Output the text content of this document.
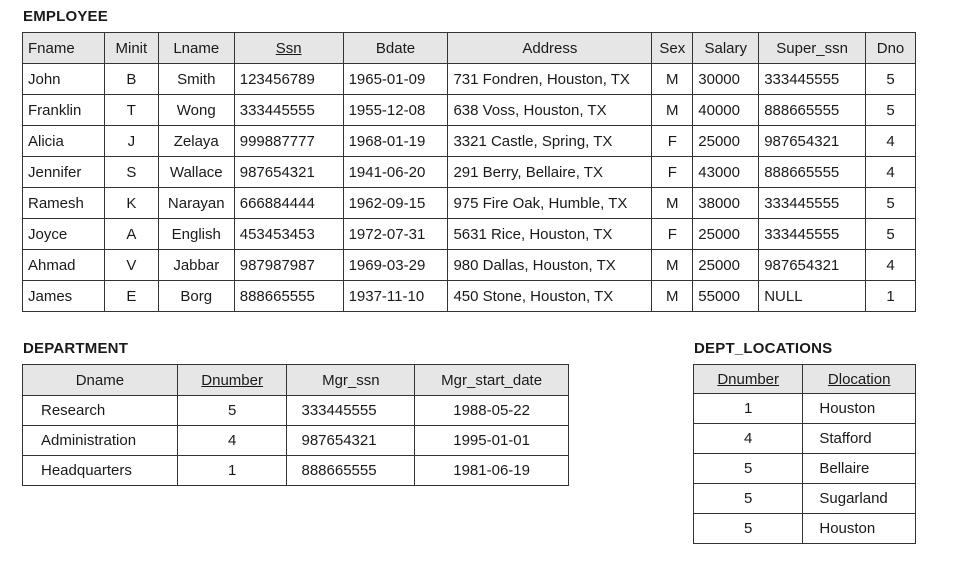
EMPLOYEE
Fname	Minit	Lname	Ssn	Bdate	Address	Sex	Salary	Super_ssn	Dno
John	B	Smith	123456789	1965-01-09	731 Fondren, Houston, TX	M	30000	333445555	5
Franklin	T	Wong	333445555	1955-12-08	638 Voss, Houston, TX	M	40000	888665555	5
Alicia	J	Zelaya	999887777	1968-01-19	3321 Castle, Spring, TX	F	25000	987654321	4
Jennifer	S	Wallace	987654321	1941-06-20	291 Berry, Bellaire, TX	F	43000	888665555	4
Ramesh	K	Narayan	666884444	1962-09-15	975 Fire Oak, Humble, TX	M	38000	333445555	5
Joyce	A	English	453453453	1972-07-31	5631 Rice, Houston, TX	F	25000	333445555	5
Ahmad	V	Jabbar	987987987	1969-03-29	980 Dallas, Houston, TX	M	25000	987654321	4
James	E	Borg	888665555	1937-11-10	450 Stone, Houston, TX	M	55000	NULL	1
DEPARTMENT
Dname	Dnumber	Mgr_ssn	Mgr_start_date
Research	5	333445555	1988-05-22
Administration	4	987654321	1995-01-01
Headquarters	1	888665555	1981-06-19
DEPT_LOCATIONS
Dnumber	Dlocation
1	Houston
4	Stafford
5	Bellaire
5	Sugarland
5	Houston
